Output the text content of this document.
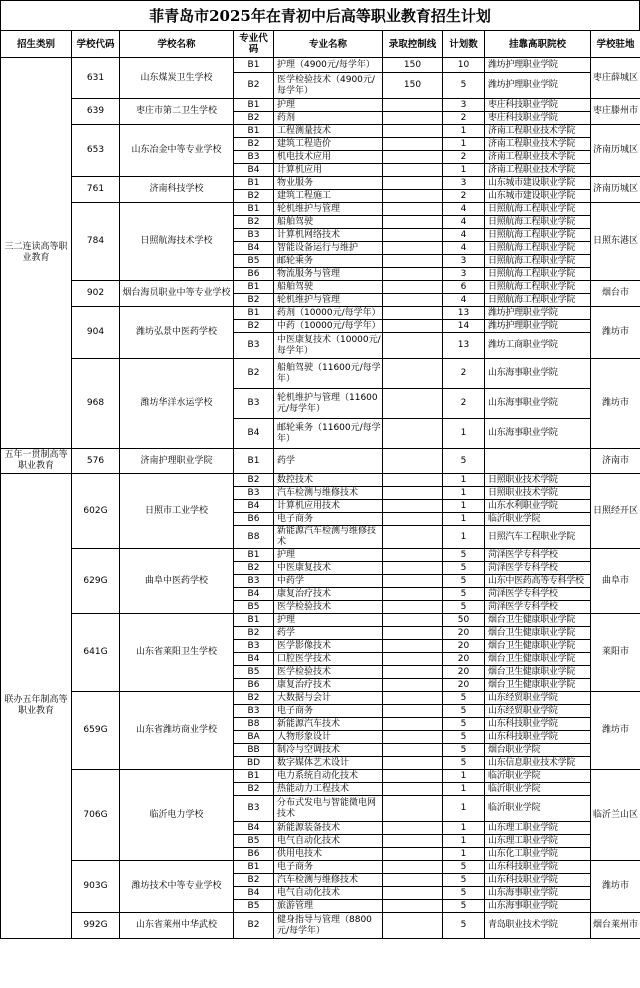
菲青岛市2025年在青初中后高等职业教育招生计划
招生类别	学校代码	学校名称	专业代码	专业名称	录取控制线	计划数	挂靠高职院校	学校驻地
三二连读高等职业教育	631	山东煤炭卫生学校	B1	护理（4900元/每学年）	150	10	潍坊护理职业学院	枣庄薛城区
			B2	医学检验技术（4900元/每学年）	150	5	潍坊护理职业学院	
	639	枣庄市第二卫生学校	B1	护理		3	枣庄科技职业学院	枣庄滕州市
			B2	药剂		2	枣庄科技职业学院	
	653	山东冶金中等专业学校	B1	工程测量技术		1	济南工程职业技术学院	济南历城区
			B2	建筑工程造价		1	济南工程职业技术学院	
			B3	机电技术应用		2	济南工程职业技术学院	
			B4	计算机应用		1	济南工程职业技术学院	
	761	济南科技学校	B1	物业服务		3	山东城市建设职业学院	济南历城区
			B2	建筑工程施工		2	山东城市建设职业学院	
	784	日照航海技术学校	B1	轮机维护与管理		4	日照航海工程职业学院	日照东港区
			B2	船舶驾驶		4	日照航海工程职业学院	
			B3	计算机网络技术		4	日照航海工程职业学院	
			B4	智能设备运行与维护		4	日照航海工程职业学院	
			B5	邮轮乘务		3	日照航海工程职业学院	
			B6	物流服务与管理		3	日照航海工程职业学院	
	902	烟台海员职业中等专业学校	B1	船舶驾驶		6	日照航海工程职业学院	烟台市
			B2	轮机维护与管理		4	日照航海工程职业学院	
	904	潍坊弘景中医药学校	B1	药剂（10000元/每学年）		13	潍坊护理职业学院	潍坊市
			B2	中药（10000元/每学年）		14	潍坊护理职业学院	
			B3	中医康复技术（10000元/每学年）		13	潍坊工商职业学院	
	968	潍坊华洋水运学校	B2	船舶驾驶（11600元/每学年）		2	山东海事职业学院	潍坊市
			B3	轮机维护与管理（11600元/每学年）		2	山东海事职业学院	
			B4	邮轮乘务（11600元/每学年）		1	山东海事职业学院	
五年一贯制高等职业教育	576	济南护理职业学院	B1	药学		5		济南市
联办五年制高等职业教育	602G	日照市工业学校	B2	数控技术		1	日照职业技术学院	日照经开区
			B3	汽车检测与维修技术		1	日照职业技术学院	
			B4	计算机应用技术		1	山东水利职业学院	
			B6	电子商务		1	临沂职业学院	
			B8	新能源汽车检测与维修技术		1	日照汽车工程职业学院	
	629G	曲阜中医药学校	B1	护理		5	菏泽医学专科学校	曲阜市
			B2	中医康复技术		5	菏泽医学专科学校	
			B3	中药学		5	山东中医药高等专科学校	
			B4	康复治疗技术		5	菏泽医学专科学校	
			B5	医学检验技术		5	菏泽医学专科学校	
	641G	山东省莱阳卫生学校	B1	护理		50	烟台卫生健康职业学院	莱阳市
			B2	药学		20	烟台卫生健康职业学院	
			B3	医学影像技术		20	烟台卫生健康职业学院	
			B4	口腔医学技术		20	烟台卫生健康职业学院	
			B5	医学检验技术		20	烟台卫生健康职业学院	
			B6	康复治疗技术		20	烟台卫生健康职业学院	
	659G	山东省潍坊商业学校	B2	大数据与会计		5	山东经贸职业学院	潍坊市
			B3	电子商务		5	山东经贸职业学院	
			B8	新能源汽车技术		5	山东科技职业学院	
			BA	人物形象设计		5	山东科技职业学院	
			BB	制冷与空调技术		5	烟台职业学院	
			BD	数字媒体艺术设计		5	山东信息职业技术学院	
	706G	临沂电力学校	B1	电力系统自动化技术		1	临沂职业学院	临沂兰山区
			B2	热能动力工程技术		1	临沂职业学院	
			B3	分布式发电与智能微电网技术		1	临沂职业学院	
			B4	新能源装备技术		1	山东理工职业学院	
			B5	电气自动化技术		1	山东理工职业学院	
			B6	供用电技术		1	山东化工职业学院	
	903G	潍坊技术中等专业学校	B1	电子商务		5	山东科技职业学院	潍坊市
			B2	汽车检测与维修技术		5	山东科技职业学院	
			B4	电气自动化技术		5	山东海事职业学院	
			B5	旅游管理		5	山东海事职业学院	
	992G	山东省莱州中华武校	B2	健身指导与管理（8800元/每学年）		5	青岛职业技术学院	烟台莱州市
